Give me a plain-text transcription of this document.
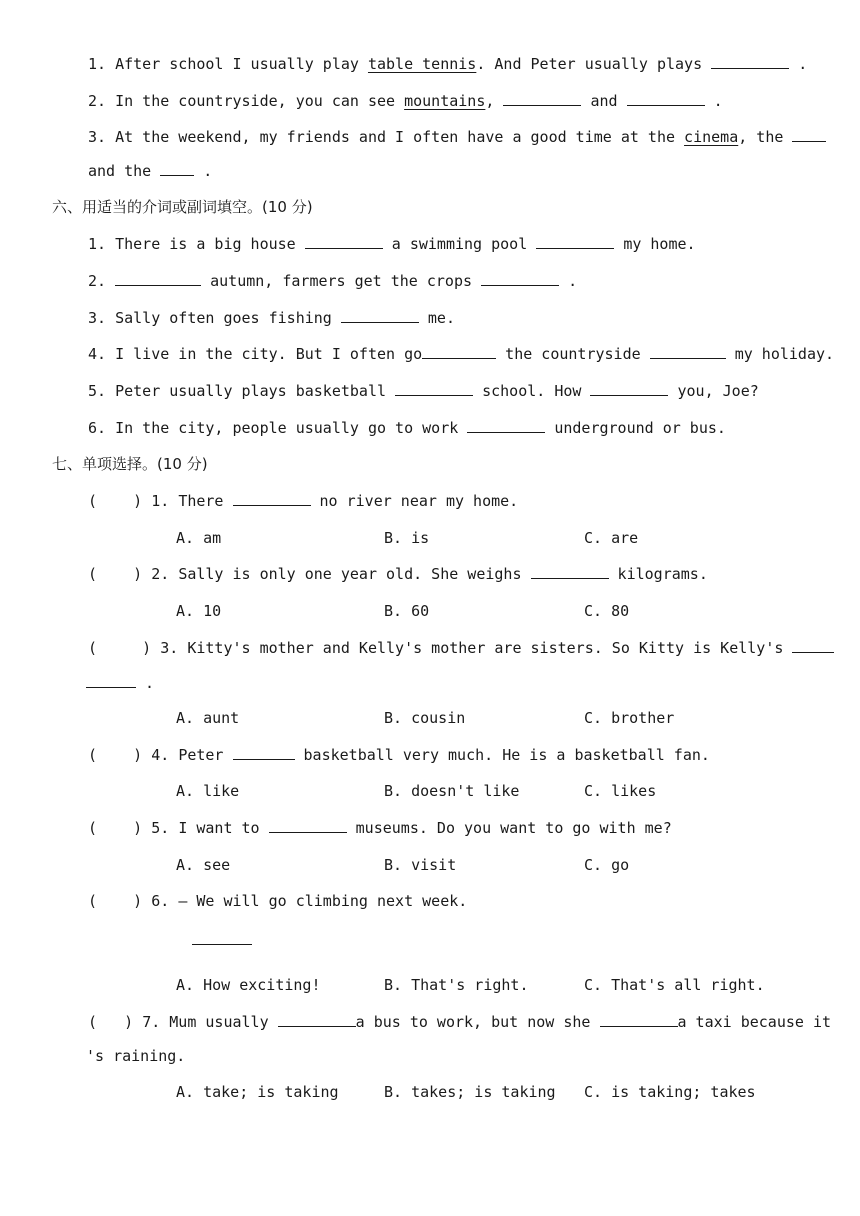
1. After school I usually play table tennis. And Peter usually plays	.
2. In the countryside, you can see mountains,	and	.
3. At the weekend, my friends and I often have a good time at the cinema, the
and the	.
六、用适当的介词或副词填空。(10 分)
1. There is a big house	a swimming pool	my home.
2.	autumn, farmers get the crops	.
3. Sally often goes fishing	me.
4. I live in the city. But I often go	the countryside	my holiday.
5. Peter usually plays basketball	school. How	you, Joe?
6. In the city, people usually go to work	underground or bus.
七、单项选择。(10 分)
(    ) 1. There	no river near my home.
A. am	B. is	C. are
(    ) 2. Sally is only one year old. She weighs	kilograms.
A. 10	B. 60	C. 80
(     ) 3. Kitty's mother and Kelly's mother are sisters. So Kitty is Kelly's
.
A. aunt	B. cousin	C. brother
(    ) 4. Peter	basketball very much. He is a basketball fan.
A. like	B. doesn't like	C. likes
(    ) 5. I want to	museums. Do you want to go with me?
A. see	B. visit	C. go
(    ) 6. — We will go climbing next week.
A. How exciting!	B. That's right.	C. That's all right.
(   ) 7. Mum usually	a bus to work, but now she	a taxi because it
's raining.
A. take; is taking	B. takes; is taking C. is taking; takes
